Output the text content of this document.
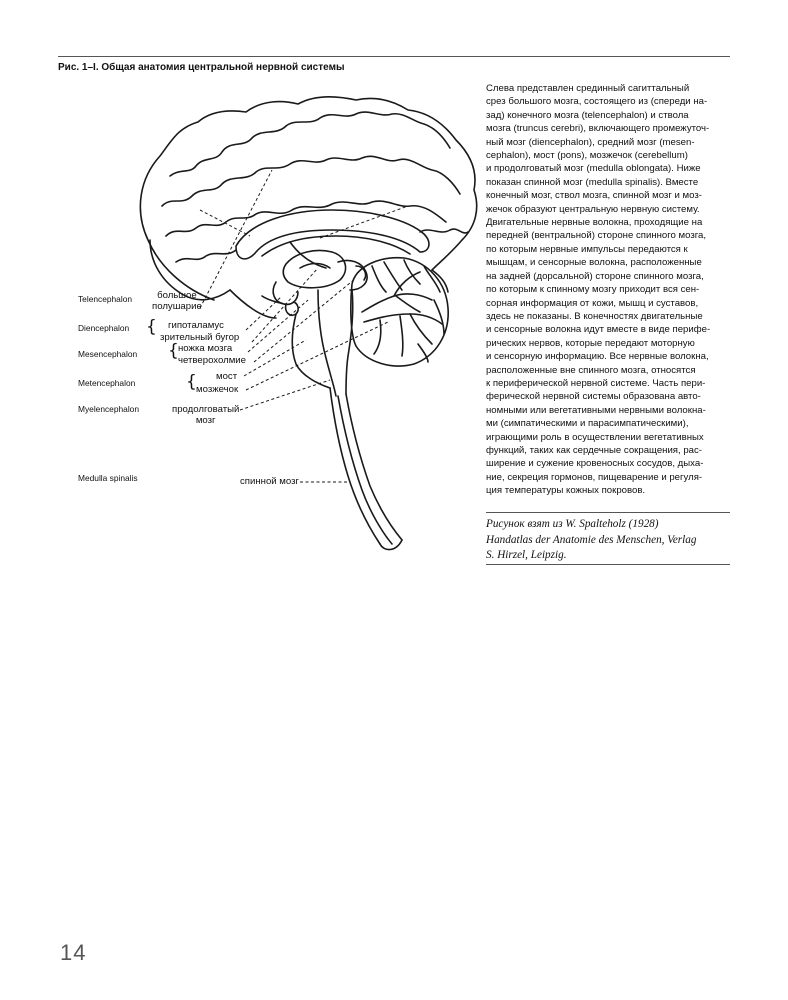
Рис. 1–I. Общая анатомия центральной нервной системы
Telencephalon
Diencephalon
Mesencephalon
Metencephalon
Myelencephalon
Medulla spinalis
большое
полушарие
{ гипоталамус
зрительный бугор
{ ножка мозга
четверохолмие
{ мост
мозжечок
продолговатый
мозг
спинной мозг
Слева представлен срединный сагиттальный
срез большого мозга, состоящего из (спереди на-
зад) конечного мозга (telencephalon) и ствола
мозга (truncus cerebri), включающего промежуточ-
ный мозг (diencephalon), средний мозг (mesen-
cephalon), мост (pons), мозжечок (cerebellum)
и продолговатый мозг (medulla oblongata). Ниже
показан спинной мозг (medulla spinalis). Вместе
конечный мозг, ствол мозга, спинной мозг и моз-
жечок образуют центральную нервную систему.
Двигательные нервные волокна, проходящие на
передней (вентральной) стороне спинного мозга,
по которым нервные импульсы передаются к
мышцам, и сенсорные волокна, расположенные
на задней (дорсальной) стороне спинного мозга,
по которым к спинному мозгу приходит вся сен-
сорная информация от кожи, мышц и суставов,
здесь не показаны. В конечностях двигательные
и сенсорные волокна идут вместе в виде перифе-
рических нервов, которые передают моторную
и сенсорную информацию. Все нервные волокна,
расположенные вне спинного мозга, относятся
к периферической нервной системе. Часть пери-
ферической нервной системы образована авто-
номными или вегетативными нервными волокна-
ми (симпатическими и парасимпатическими),
играющими роль в осуществлении вегетативных
функций, таких как сердечные сокращения, рас-
ширение и сужение кровеносных сосудов, дыха-
ние, секреция гормонов, пищеварение и регуля-
ция температуры кожных покровов.
Рисунок взят из W. Spalteholz (1928)
Handatlas der Anatomie des Menschen, Verlag
S. Hirzel, Leipzig.
14
